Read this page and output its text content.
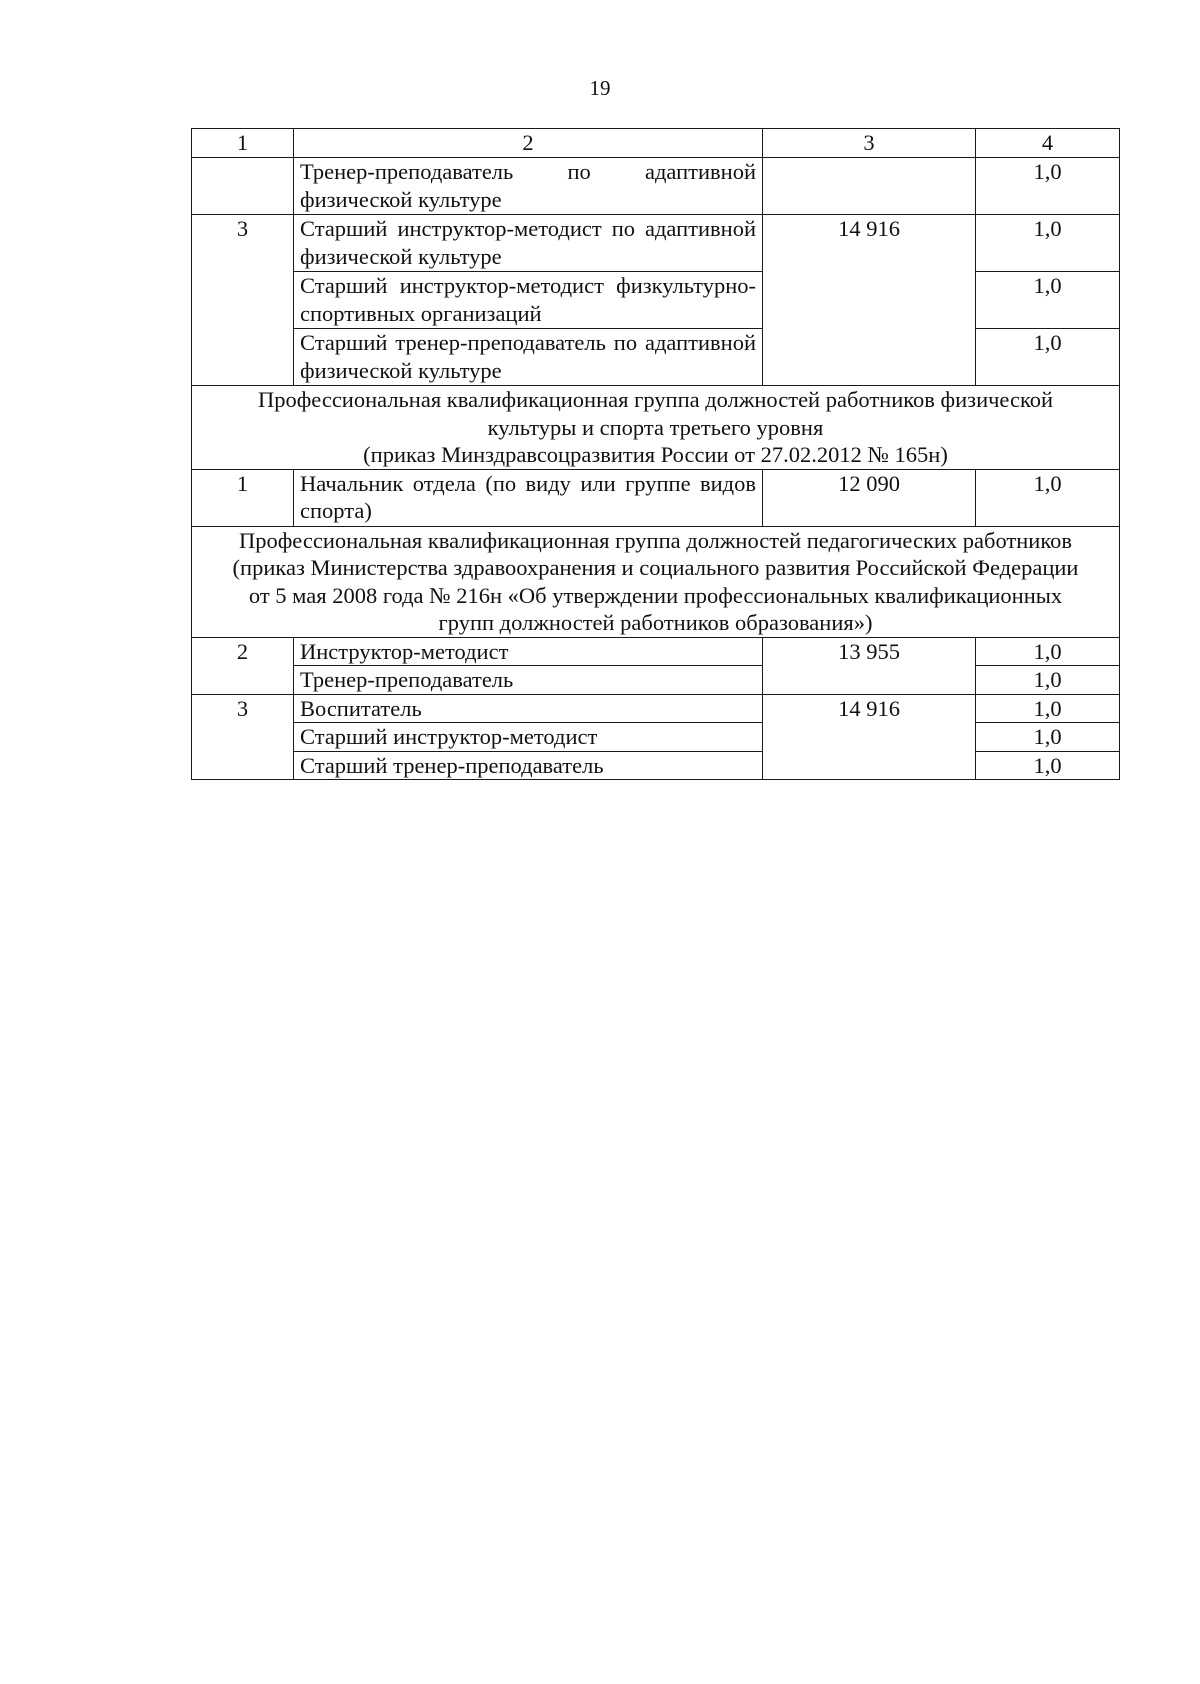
19
1	2	3	4

	Тренер-преподаватель по адаптивной физической культуре		1,0
3	Старший инструктор-методист по адаптивной физической культуре	14 916	1,0

	Старший инструктор-методист физкультурно-спортивных организаций		1,0

	Старший тренер-преподаватель по адаптивной физической культуре		1,0

Профессиональная квалификационная группа должностей работников физической
культуры и спорта третьего уровня
(приказ Минздравсоцразвития России от 27.02.2012 № 165н)			

1	Начальник отдела (по виду или группе видов спорта)	12 090	1,0

Профессиональная квалификационная группа должностей педагогических работников
(приказ Министерства здравоохранения и социального развития Российской Федерации
от 5 мая 2008 года № 216н «Об утверждении профессиональных квалификационных
групп должностей работников образования»)			

2	Инструктор-методист	13 955	1,0

	Тренер-преподаватель		1,0
3	Воспитатель	14 916	1,0

	Старший инструктор-методист		1,0

	Старший тренер-преподаватель		1,0
